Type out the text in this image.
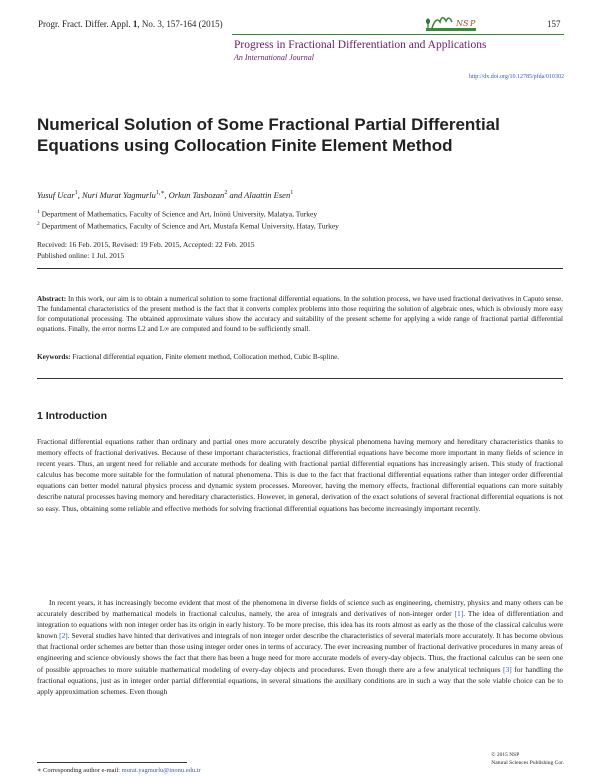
Progr. Fract. Differ. Appl. 1, No. 3, 157-164 (2015)	N S P	157
Progress in Fractional Differentiation and Applications
An International Journal
http://dx.doi.org/10.12785/pfda/010302
Numerical Solution of Some Fractional Partial Differential Equations using Collocation Finite Element Method
Yusuf Ucar$^1$, Nuri Murat Yagmurlu$^{1,∗}$, Orkun Tasbozan$^2$ and Alaattin Esen$^1$
$^1$ Department of Mathematics, Faculty of Science and Art, Inönü University, Malatya, Turkey
$^2$ Department of Mathematics, Faculty of Science and Art, Mustafa Kemal University, Hatay, Turkey
Received: 16 Feb. 2015, Revised: 19 Feb. 2015, Accepted: 22 Feb. 2015
Published online: 1 Jul. 2015
Abstract: In this work, our aim is to obtain a numerical solution to some fractional differential equations. In the solution process, we have used fractional derivatives in Caputo sense. The fundamental characteristics of the present method is the fact that it converts complex problems into those requiring the solution of algebraic ones, which is obviously more easy for computational processing. The obtained approximate values show the accuracy and suitability of the present scheme for applying a wide range of fractional partial differential equations. Finally, the error norms L2 and L∞ are computed and found to be sufficiently small.
Keywords: Fractional differential equation, Finite element method, Collocation method, Cubic B-spline.
1 Introduction
Fractional differential equations rather than ordinary and partial ones more accurately describe physical phenomena having memory and hereditary characteristics thanks to memory effects of fractional derivatives. Because of these important characteristics, fractional differential equations have become more important in many fields of science in recent years. Thus, an urgent need for reliable and accurate methods for dealing with fractional partial differential equations has increasingly arisen. This study of fractional calculus has become more suitable for the formulation of natural phenomena. This is due to the fact that fractional differential equations rather than integer order differential equations can better model natural physics process and dynamic system processes. Moreover, having the memory effects, fractional differential equations can more suitably describe natural processes having memory and hereditary characteristics. However, in general, derivation of the exact solutions of several fractional differential equations is not so easy. Thus, obtaining some reliable and effective methods for solving fractional differential equations has become increasingly important recently.
In recent years, it has increasingly become evident that most of the phenomena in diverse fields of science such as engineering, chemistry, physics and many others can be accurately described by mathematical models in fractional calculus, namely, the area of integrals and derivatives of non-integer order [1]. The idea of differentiation and integration to equations with non integer order has its origin in early history. To be more precise, this idea has its roots almost as early as the those of the classical calculus were known [2]. Several studies have hinted that derivatives and integrals of non integer order describe the characteristics of several materials more accurately. It has become obvious that fractional order schemes are better than those using integer order ones in terms of accuracy. The ever increasing number of fractional derivative procedures in many areas of engineering and science obviously shows the fact that there has been a huge need for more accurate models of every-day objects. Thus, the fractional calculus can be seen one of possible approaches to more suitable mathematical modeling of every-day objects and procedures. Even though there are a few analytical techniques [3] for handling the fractional equations, just as in integer order partial differential equations, in several situations the auxiliary conditions are in such a way that the sole viable choice can be to apply approximation schemes. Even though
∗ Corresponding author e-mail: murat.yagmurlu@inonu.edu.tr
© 2015 NSP
Natural Sciences Publishing Cor.
